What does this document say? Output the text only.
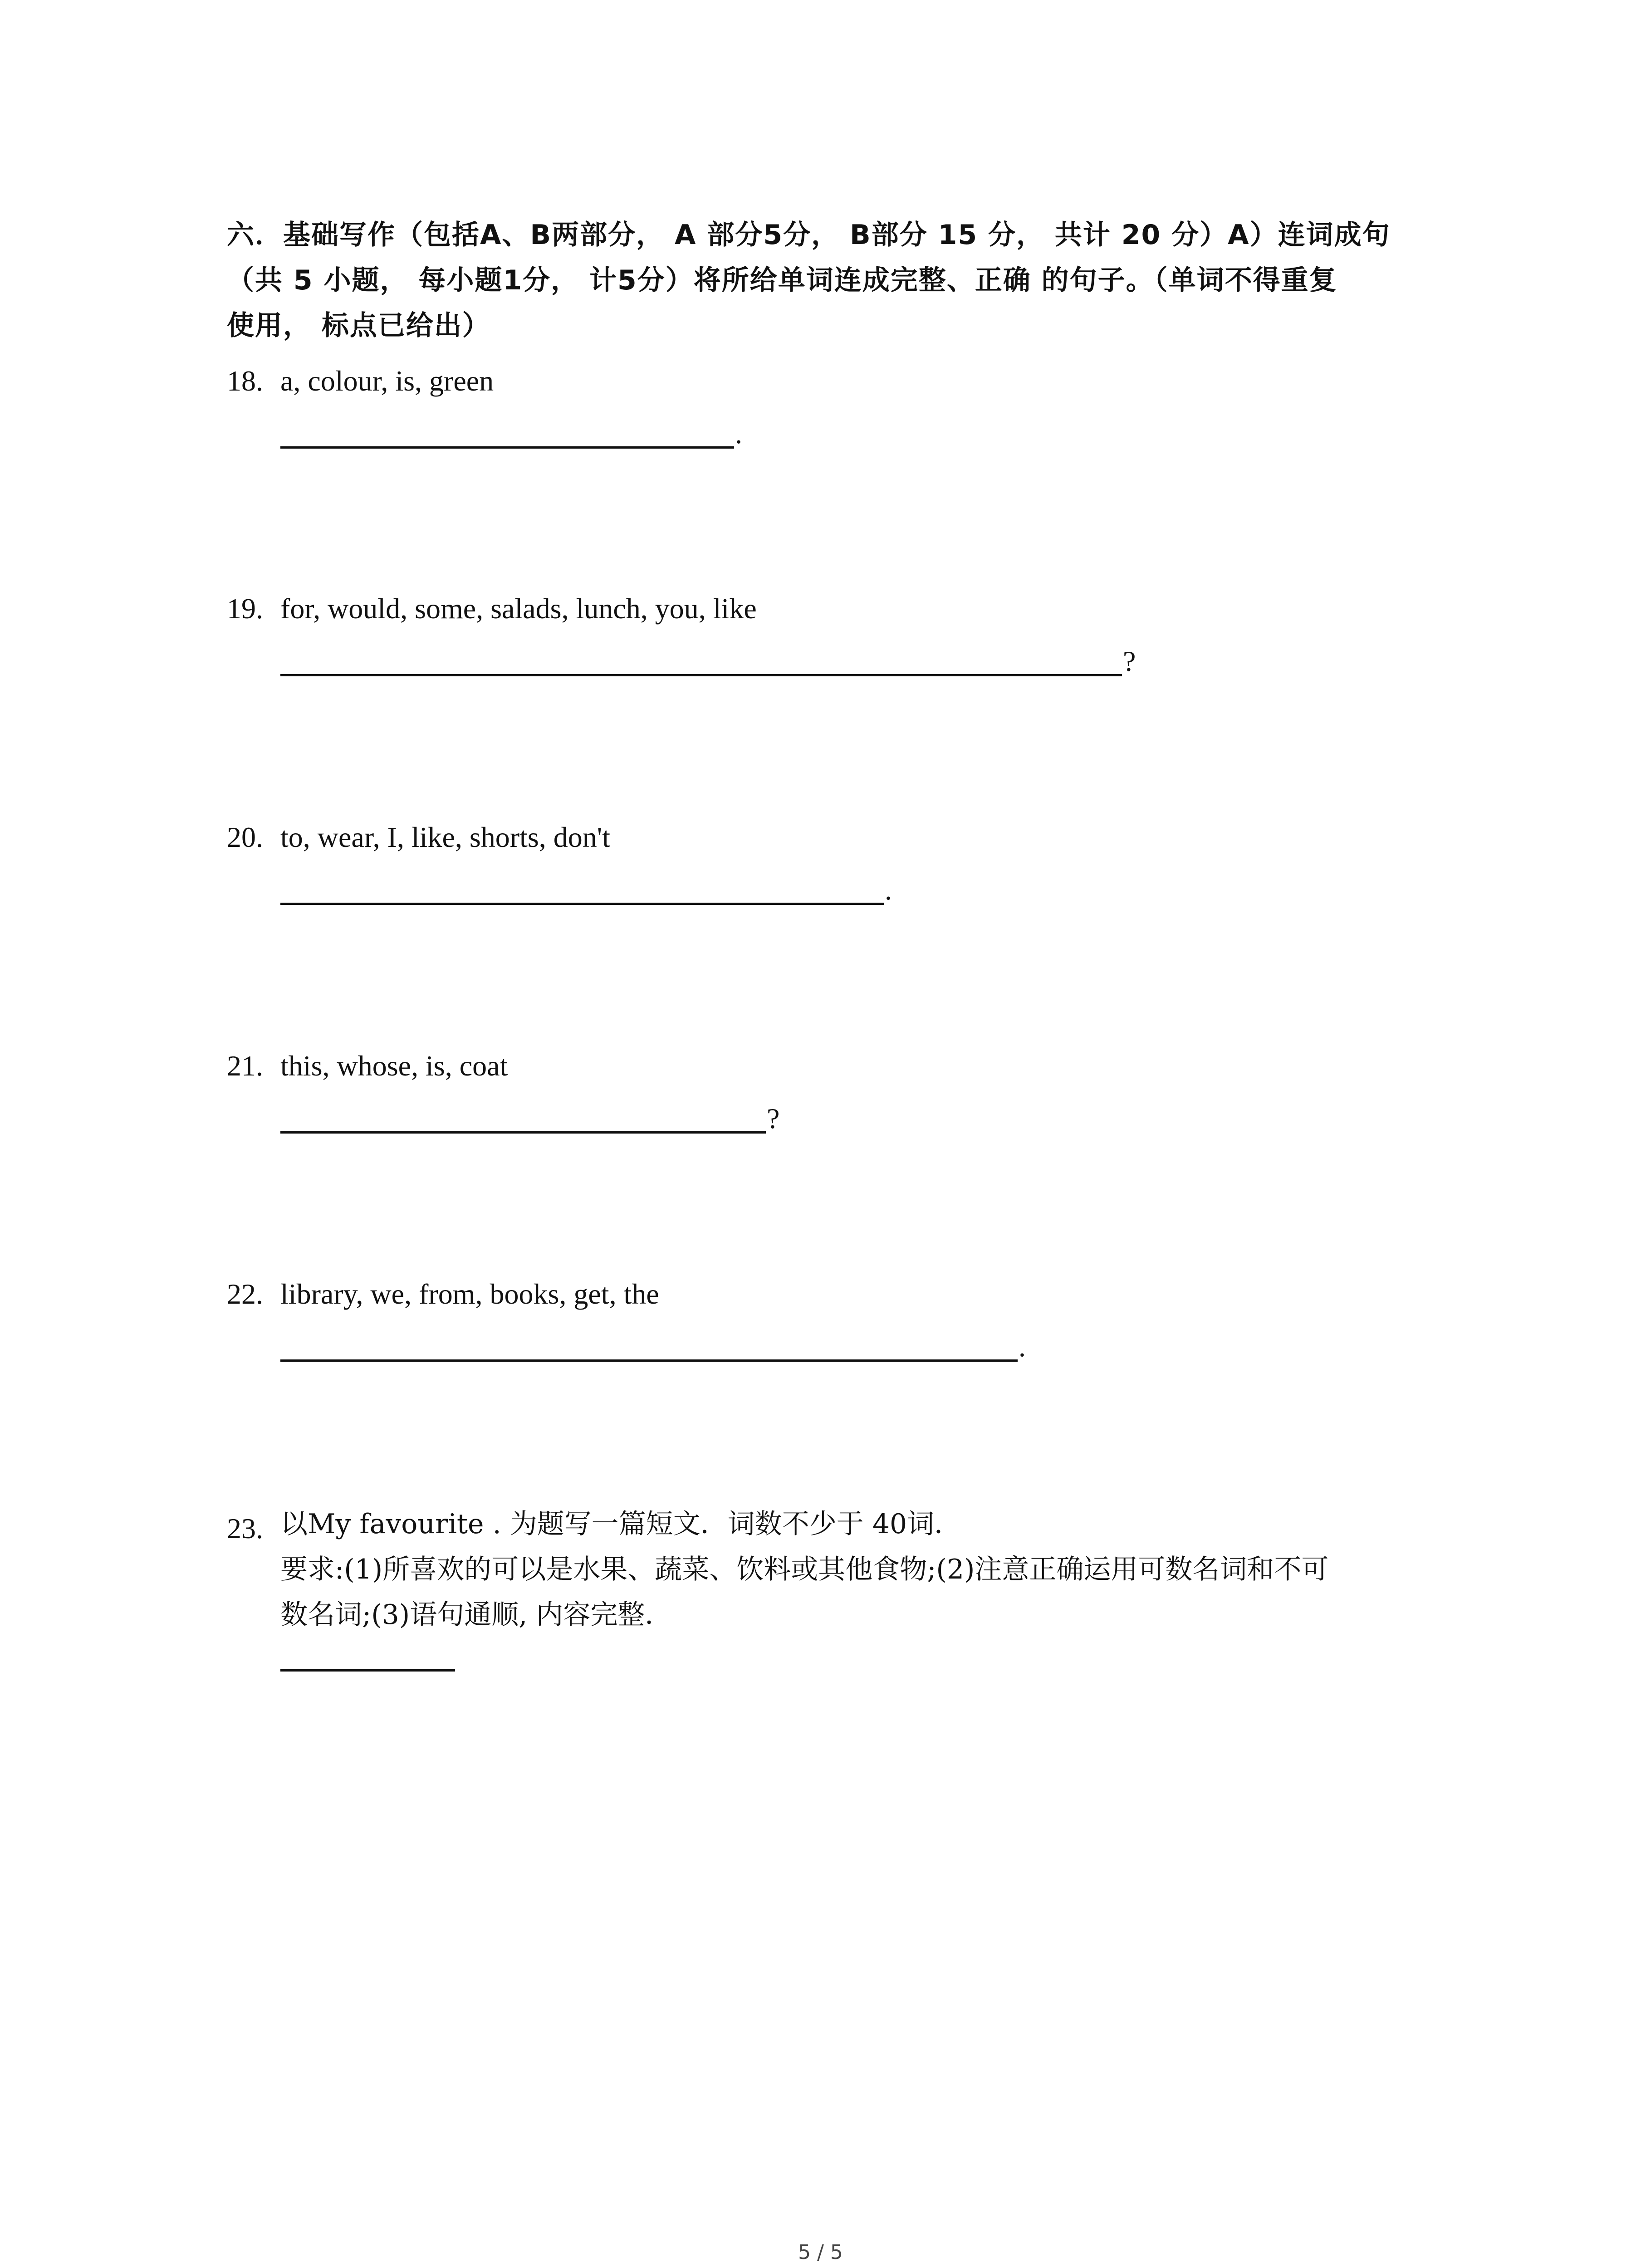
六．基础写作（包括A、B两部分， A 部分5分， B部分 15 分， 共计 20 分）A）连词成句

（共 5 小题， 每小题1分， 计5分）将所给单词连成完整、正确 的句子。（单词不得重复

使用， 标点已给出）

18. a, colour, is, green
.
19. for, would, some, salads, lunch, you, like
?
20. to, wear, I, like, shorts, don't
.
21. this, whose, is, coat
?
22. library, we, from, books, get, the
.
23. 以My favourite . 为题写一篇短文．词数不少于 40词．

要求:(1)所喜欢的可以是水果、蔬菜、饮料或其他食物;(2)注意正确运用可数名词和不可

数名词;(3)语句通顺, 内容完整．

5 / 5
